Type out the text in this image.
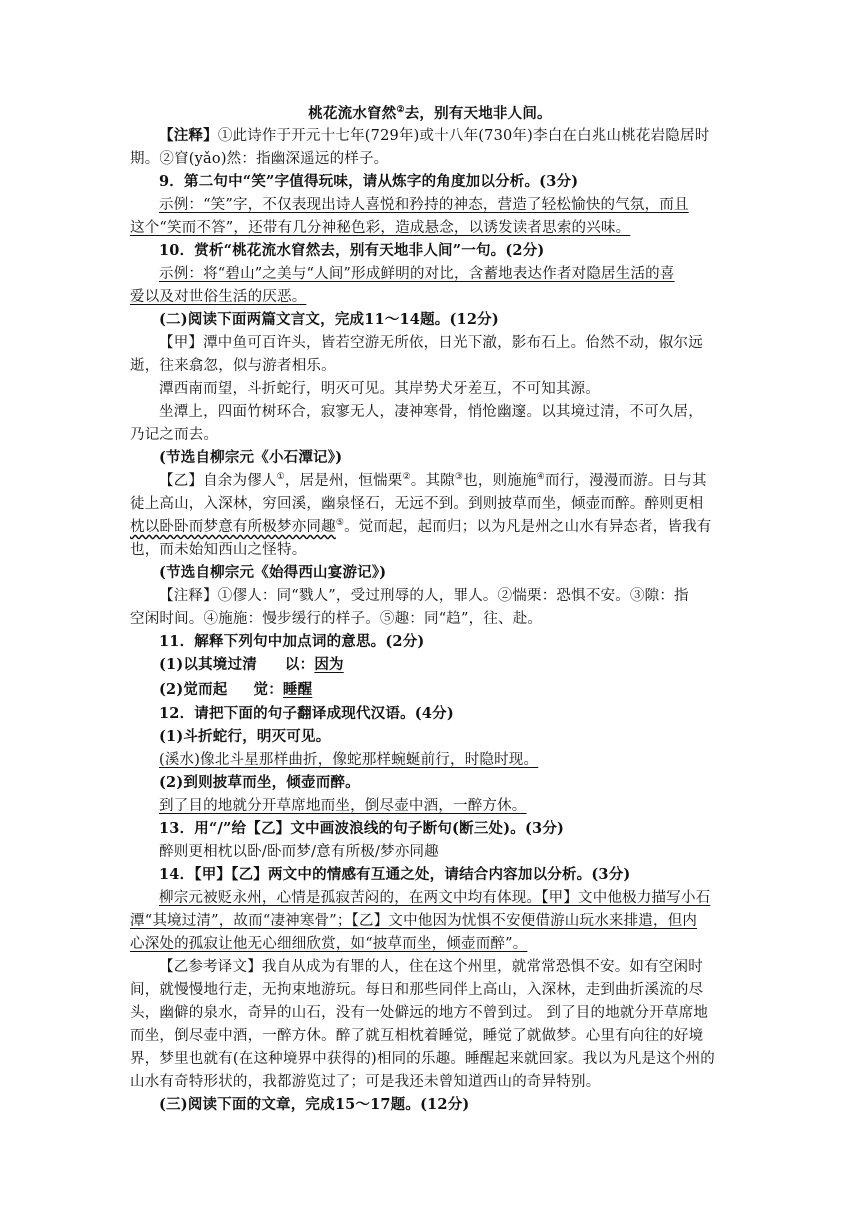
桃花流水窅然②去，别有天地非人间。
【注释】①此诗作于开元十七年(729年)或十八年(730年)李白在白兆山桃花岩隐居时
期。②窅(yǎo)然：指幽深遥远的样子。
9．第二句中“笑”字值得玩味，请从炼字的角度加以分析。(3分)
示例：“笑”字，不仅表现出诗人喜悦和矜持的神态，营造了轻松愉快的气氛，而且
这个“笑而不答”，还带有几分神秘色彩，造成悬念，以诱发读者思索的兴味。
10．赏析“桃花流水窅然去，别有天地非人间”一句。(2分)
示例：将“碧山”之美与“人间”形成鲜明的对比，含蓄地表达作者对隐居生活的喜
爱以及对世俗生活的厌恶。
(二)阅读下面两篇文言文，完成11～14题。(12分)
【甲】潭中鱼可百许头，皆若空游无所依，日光下澈，影布石上。佁然不动，俶尔远
逝，往来翕忽，似与游者相乐。
潭西南而望，斗折蛇行，明灭可见。其岸势犬牙差互，不可知其源。
坐潭上，四面竹树环合，寂寥无人，凄神寒骨，悄怆幽邃。以其境过清，不可久居，
乃记之而去。
(节选自柳宗元《小石潭记》)
【乙】自余为僇人①，居是州，恒惴栗②。其隙③也，则施施④而行，漫漫而游。日与其
徒上高山，入深林，穷回溪，幽泉怪石，无远不到。到则披草而坐，倾壶而醉。醉则更相
枕以卧卧而梦意有所极梦亦同趣⑤。觉而起，起而归；以为凡是州之山水有异态者，皆我有
也，而未始知西山之怪特。
(节选自柳宗元《始得西山宴游记》)
【注释】①僇人：同“戮人”，受过刑辱的人，罪人。②惴栗：恐惧不安。③隙：指
空闲时间。④施施：慢步缓行的样子。⑤趣：同“趋”，往、赴。
11．解释下列句中加点词的意思。(2分)
(1)以其境过清 以：因为
(2)觉而起 觉：睡醒
12．请把下面的句子翻译成现代汉语。(4分)
(1)斗折蛇行，明灭可见。
(溪水)像北斗星那样曲折，像蛇那样蜿蜒前行，时隐时现。
(2)到则披草而坐，倾壶而醉。
到了目的地就分开草席地而坐，倒尽壶中酒，一醉方休。
13．用“/”给【乙】文中画波浪线的句子断句(断三处)。(3分)
醉则更相枕以卧/卧而梦/意有所极/梦亦同趣
14．【甲】【乙】两文中的情感有互通之处，请结合内容加以分析。(3分)
柳宗元被贬永州，心情是孤寂苦闷的，在两文中均有体现。【甲】文中他极力描写小石
潭“其境过清”，故而“凄神寒骨”；【乙】文中他因为忧惧不安便借游山玩水来排遣，但内
心深处的孤寂让他无心细细欣赏，如“披草而坐，倾壶而醉”。
【乙参考译文】我自从成为有罪的人，住在这个州里，就常常恐惧不安。如有空闲时
间，就慢慢地行走，无拘束地游玩。每日和那些同伴上高山，入深林，走到曲折溪流的尽
头，幽僻的泉水，奇异的山石，没有一处僻远的地方不曾到过。 到了目的地就分开草席地
而坐，倒尽壶中酒，一醉方休。醉了就互相枕着睡觉，睡觉了就做梦。心里有向往的好境
界，梦里也就有(在这种境界中获得的)相同的乐趣。睡醒起来就回家。我以为凡是这个州的
山水有奇特形状的，我都游览过了；可是我还未曾知道西山的奇异特别。
(三)阅读下面的文章，完成15～17题。(12分)
